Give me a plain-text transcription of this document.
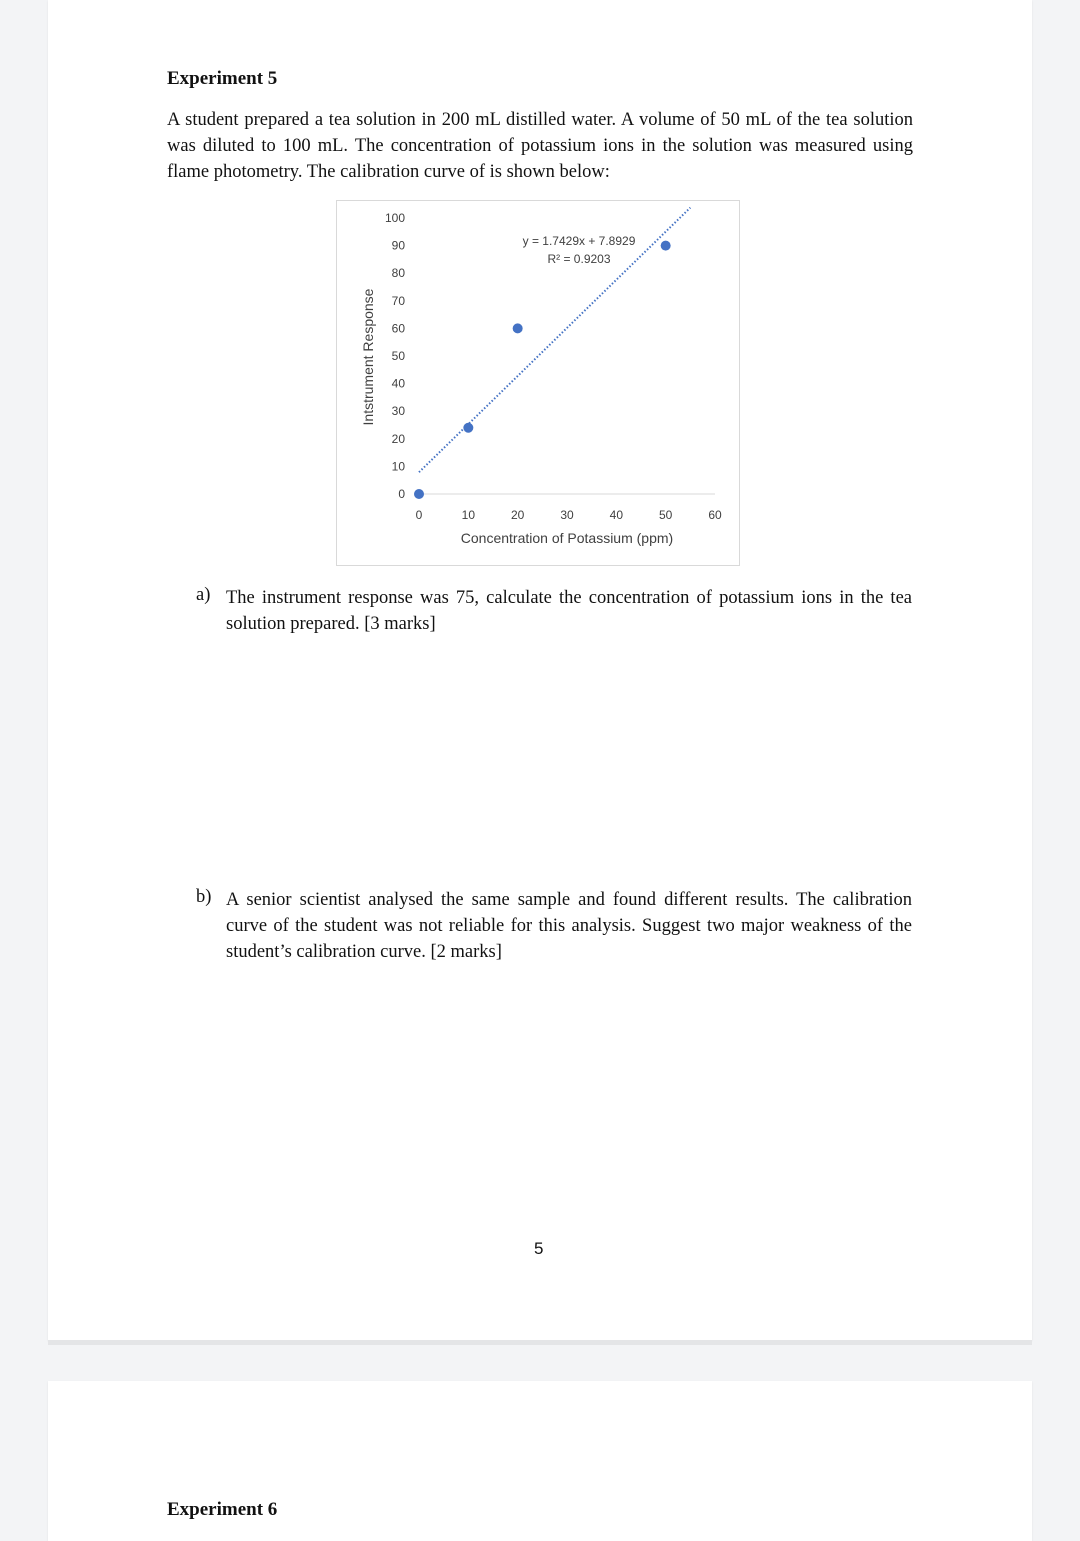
Experiment 5
A student prepared a tea solution in 200 mL distilled water. A volume of 50 mL of the tea solution was diluted to 100 mL. The concentration of potassium ions in the solution was measured using flame photometry. The calibration curve of is shown below:
0
10
20
30
40
50
60
70
80
90
100
0	10	20	30	40	50	60
y = 1.7429x + 7.8929
R² = 0.9203
Concentration of Potassium (ppm)
Intstrument Response
a) The instrument response was 75, calculate the concentration of potassium ions in the tea solution prepared. [3 marks]
b) A senior scientist analysed the same sample and found different results. The calibration curve of the student was not reliable for this analysis. Suggest two major weakness of the student’s calibration curve. [2 marks]
5
Experiment 6
